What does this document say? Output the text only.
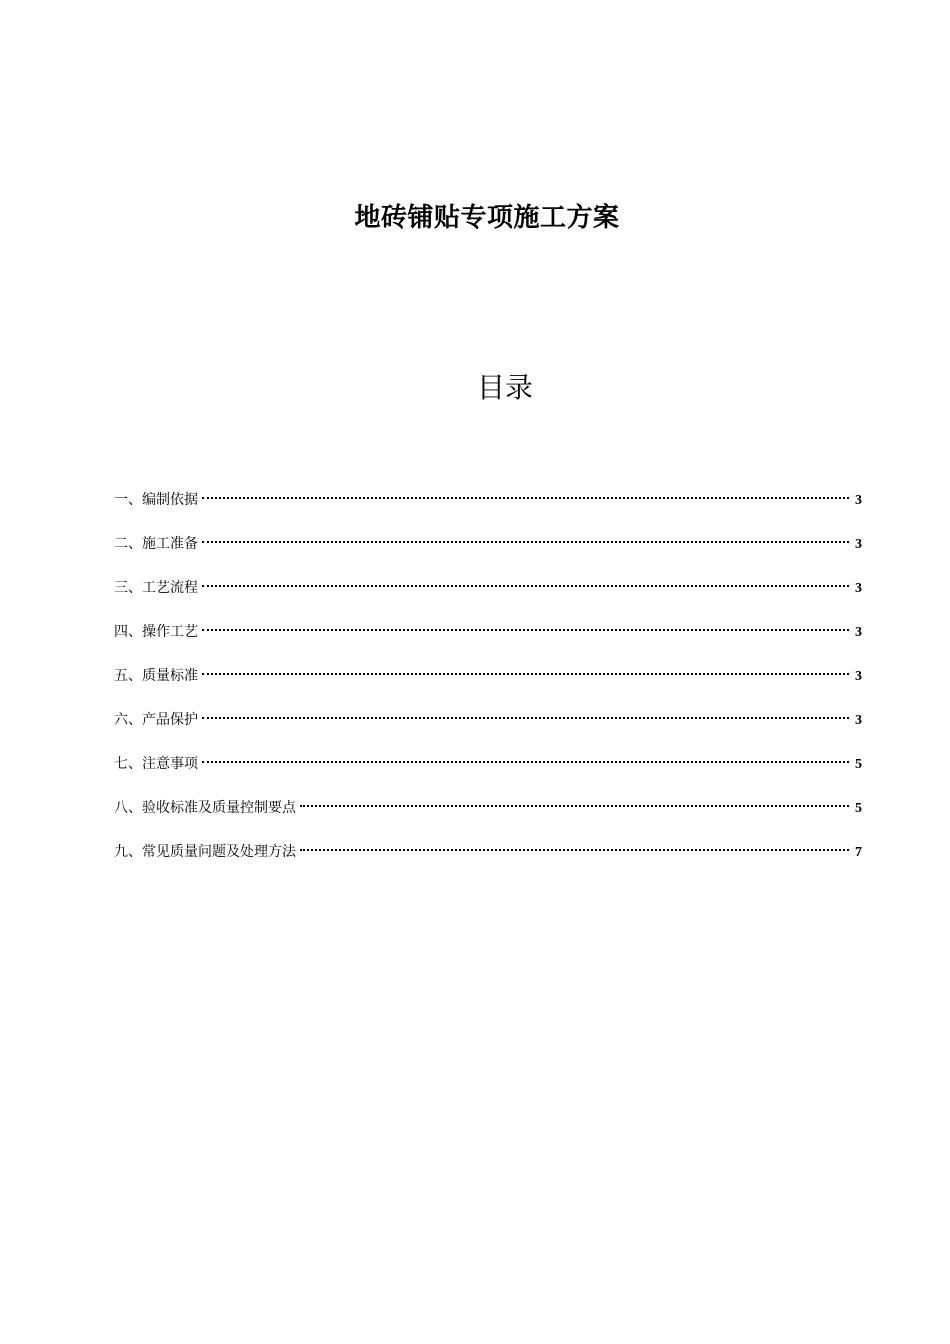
地砖铺贴专项施工方案
目录
一、编制依据	3
二、施工准备	3
三、工艺流程	3
四、操作工艺	3
五、质量标准	3
六、产品保护	3
七、注意事项	5
八、验收标准及质量控制要点	5
九、常见质量问题及处理方法	7
